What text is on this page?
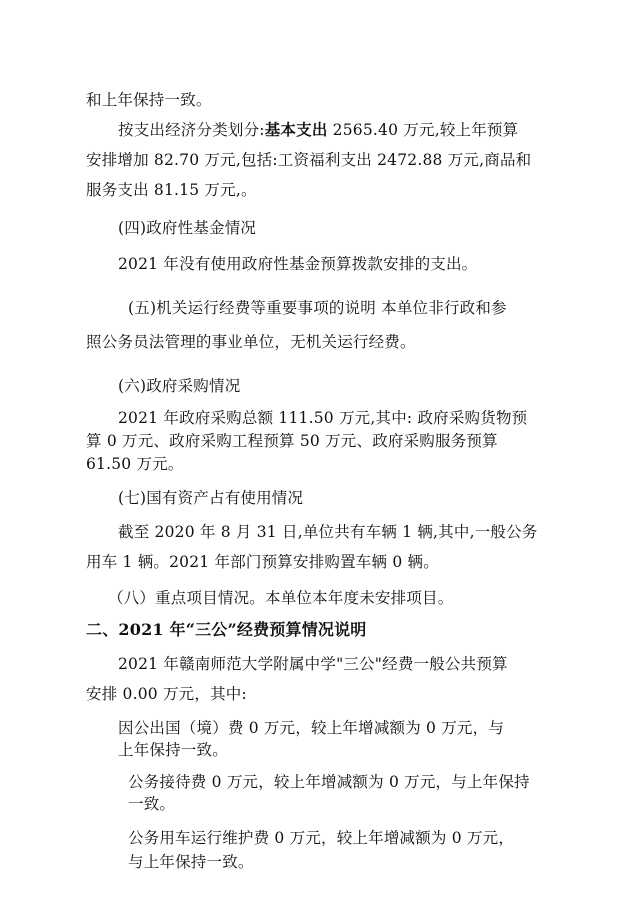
和上年保持一致。
按支出经济分类划分:基本支出 2565.40 万元,较上年预算
安排增加 82.70 万元,包括:工资福利支出 2472.88 万元,商品和
服务支出 81.15 万元,。
(四)政府性基金情况
2021 年没有使用政府性基金预算拨款安排的支出。
(五)机关运行经费等重要事项的说明 本单位非行政和参
照公务员法管理的事业单位，无机关运行经费。
(六)政府采购情况
2021 年政府采购总额 111.50 万元,其中: 政府采购货物预
算 0 万元、政府采购工程预算 50 万元、政府采购服务预算
61.50 万元。
(七)国有资产占有使用情况
截至 2020 年 8 月 31 日,单位共有车辆 1 辆,其中,一般公务
用车 1 辆。2021 年部门预算安排购置车辆 0 辆。
（八）重点项目情况。本单位本年度未安排项目。
二、2021 年“三公”经费预算情况说明
2021 年赣南师范大学附属中学"三公"经费一般公共预算
安排 0.00 万元，其中:
因公出国（境）费 0 万元，较上年增减额为 0 万元，与
上年保持一致。
公务接待费 0 万元，较上年增减额为 0 万元，与上年保持
一致。
公务用车运行维护费 0 万元，较上年增减额为 0 万元，
与上年保持一致。
